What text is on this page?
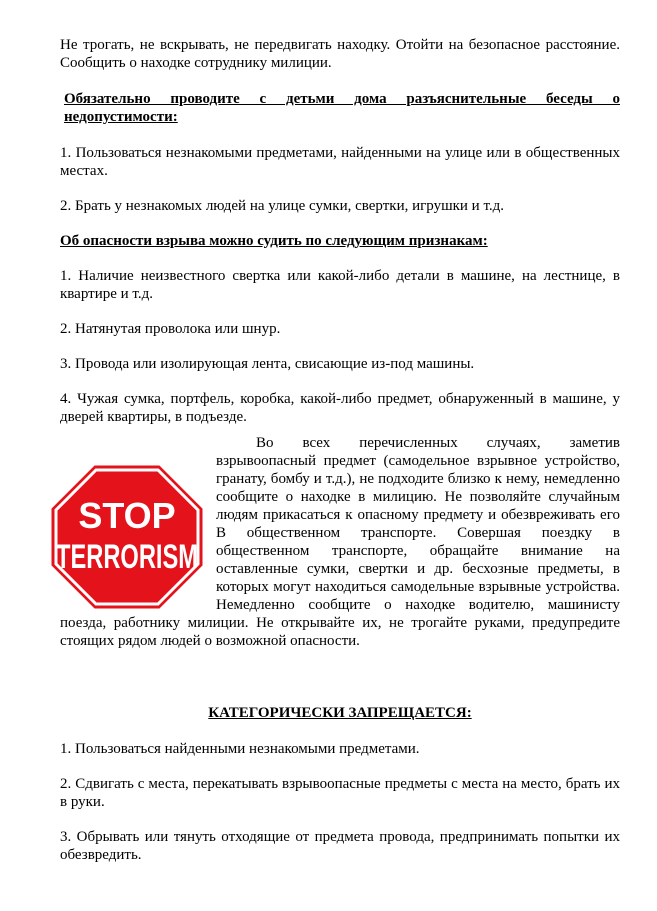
Не трогать, не вскрывать, не передвигать находку. Отойти на безопасное расстояние. Сообщить о находке сотруднику милиции.

Обязательно проводите с детьми дома разъяснительные беседы о недопустимости:

1. Пользоваться незнакомыми предметами, найденными на улице или в общественных местах.

2. Брать у незнакомых людей на улице сумки, свертки, игрушки и т.д.

Об опасности взрыва можно судить по следующим признакам:

1. Наличие неизвестного свертка или какой-либо детали в машине, на лестнице, в квартире и т.д.

2. Натянутая проволока или шнур.

3. Провода или изолирующая лента, свисающие из-под машины.

4. Чужая сумка, портфель, коробка, какой-либо предмет, обнаруженный в машине, у дверей квартиры, в подъезде.

STOP
TERRORISM

Во всех перечисленных случаях, заметив взрывоопасный предмет (самодельное взрывное устройство, гранату, бомбу и т.д.), не подходите близко к нему, немедленно сообщите о находке в милицию. Не позволяйте случайным людям прикасаться к опасному предмету и обезвреживать его В общественном транспорте. Совершая поездку в общественном транспорте, обращайте внимание на оставленные сумки, свертки и др. бесхозные предметы, в которых могут находиться самодельные взрывные устройства. Немедленно сообщите о находке водителю, машинисту поезда, работнику милиции. Не открывайте их, не трогайте руками, предупредите стоящих рядом людей о возможной опасности.

КАТЕГОРИЧЕСКИ ЗАПРЕЩАЕТСЯ:

1. Пользоваться найденными незнакомыми предметами.

2. Сдвигать с места, перекатывать взрывоопасные предметы с места на место, брать их в руки.

3. Обрывать или тянуть отходящие от предмета провода, предпринимать попытки их обезвредить.
